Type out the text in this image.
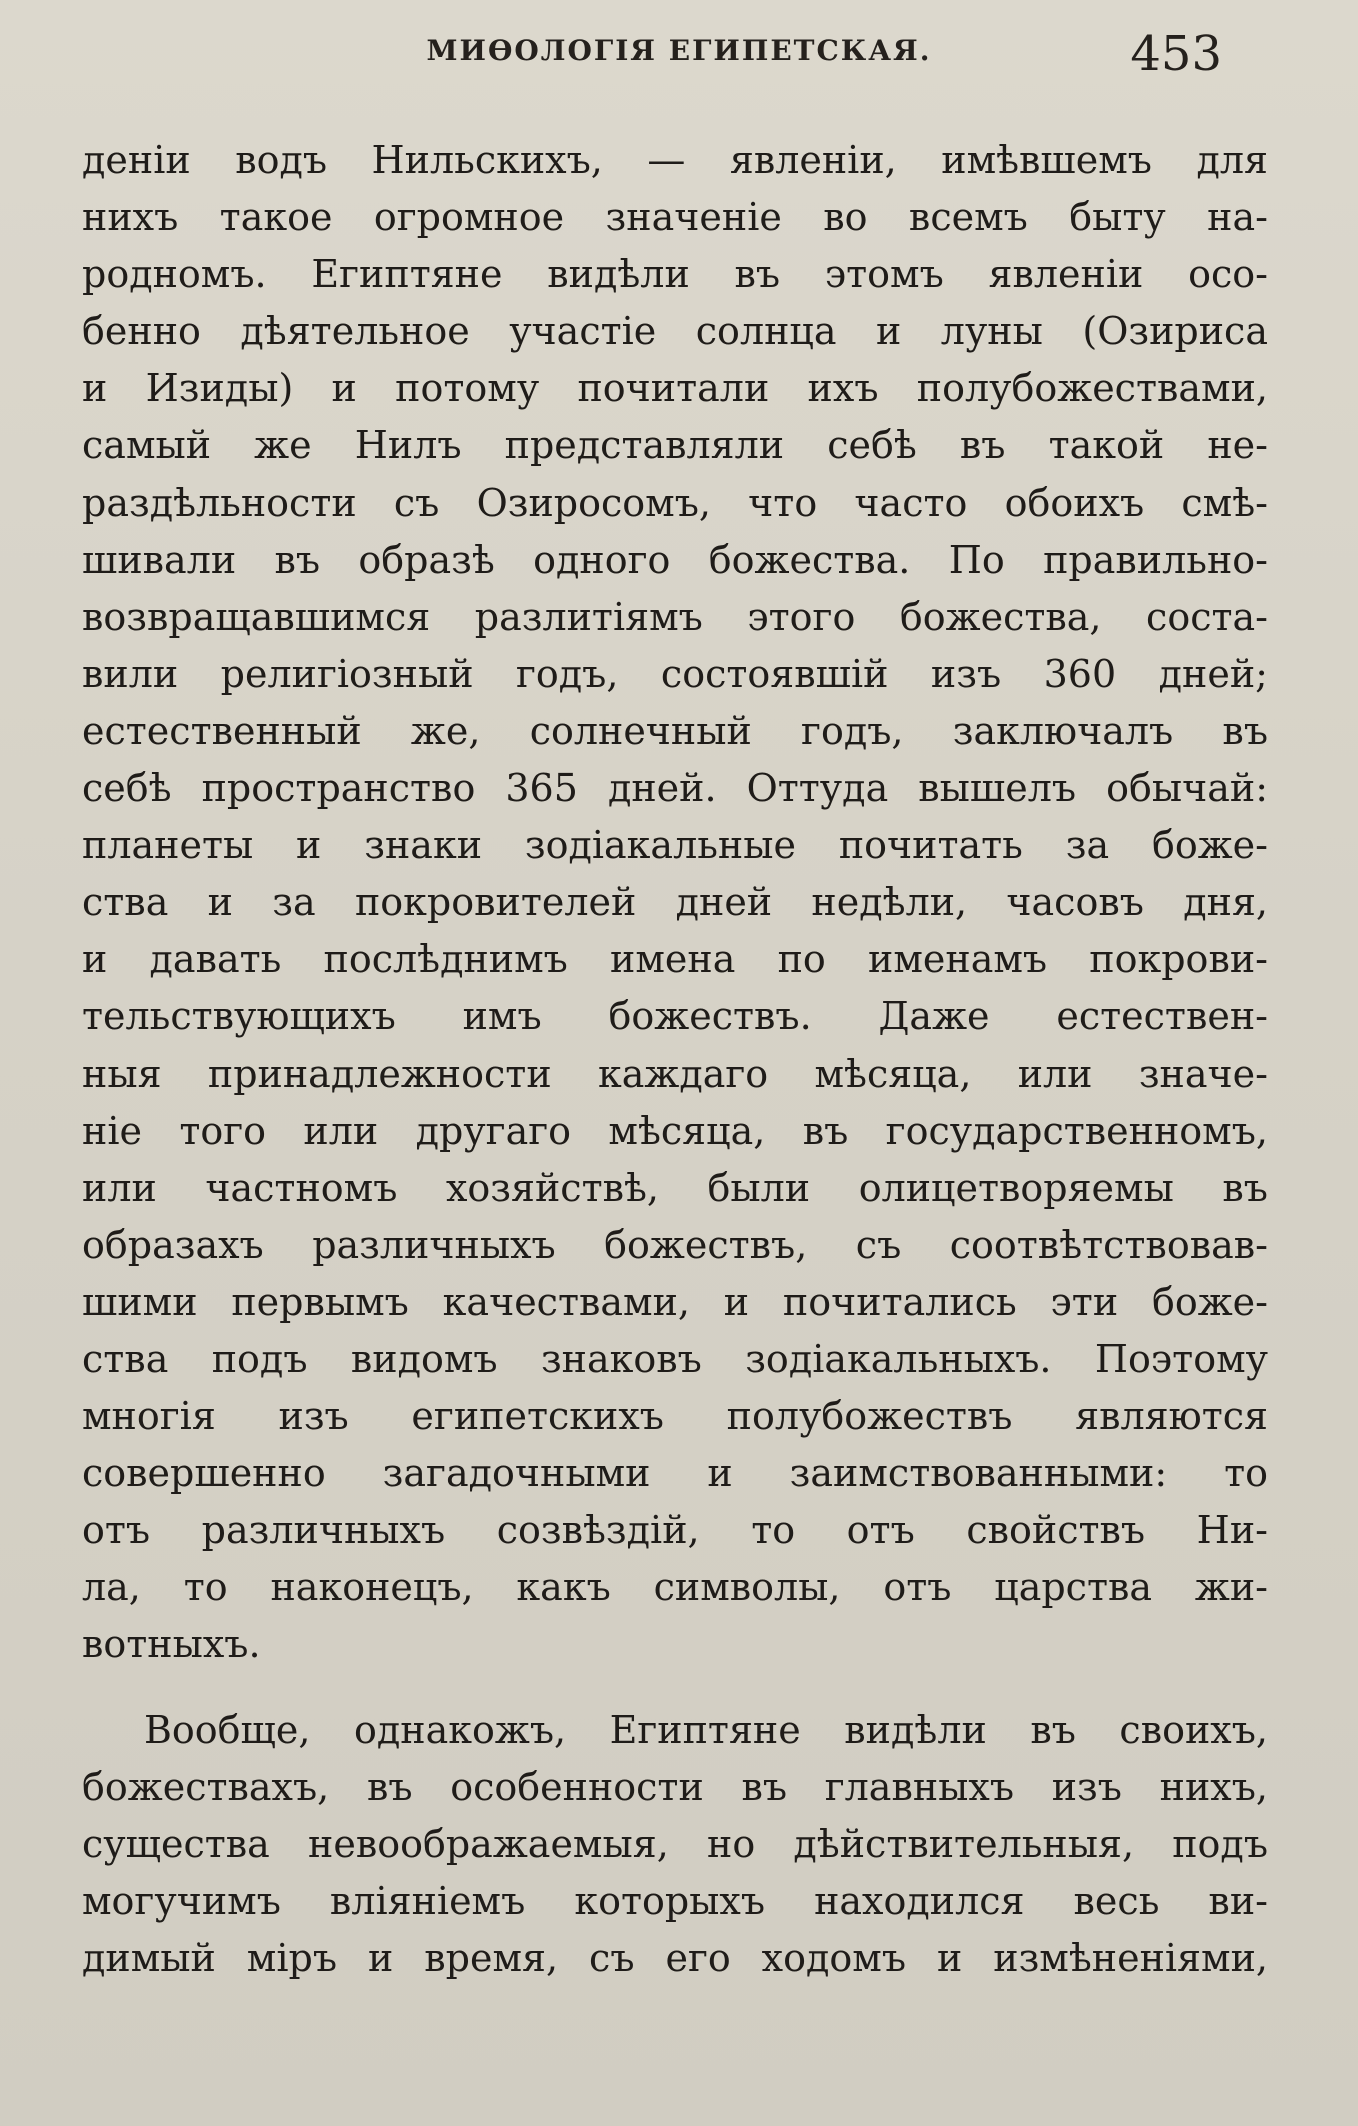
МИѲОЛОГІЯ ЕГИПЕТСКАЯ.	453
деніи водъ Нильскихъ, — явленіи, имѣвшемъ для
нихъ такое огромное значеніе во всемъ быту на-
родномъ. Египтяне видѣли въ этомъ явленіи осо-
бенно дѣятельное участіе солнца и луны (Озириса
и Изиды) и потому почитали ихъ полубожествами,
самый же Нилъ представляли себѣ въ такой не-
раздѣльности съ Озиросомъ, что часто обоихъ смѣ-
шивали въ образѣ одного божества. По правильно-
возвращавшимся разлитіямъ этого божества, соста-
вили религіозный годъ, состоявшій изъ 360 дней;
естественный же, солнечный годъ, заключалъ въ
себѣ пространство 365 дней. Оттуда вышелъ обычай:
планеты и знаки зодіакальные почитать за боже-
ства и за покровителей дней недѣли, часовъ дня,
и давать послѣднимъ имена по именамъ покрови-
тельствующихъ имъ божествъ. Даже естествен-
ныя принадлежности каждаго мѣсяца, или значе-
ніе того или другаго мѣсяца, въ государственномъ,
или частномъ хозяйствѣ, были олицетворяемы въ
образахъ различныхъ божествъ, съ соотвѣтствовав-
шими первымъ качествами, и почитались эти боже-
ства подъ видомъ знаковъ зодіакальныхъ. Поэтому
многія изъ египетскихъ полубожествъ являются
совершенно загадочными и заимствованными: то
отъ различныхъ созвѣздій, то отъ свойствъ Ни-
ла, то наконецъ, какъ символы, отъ царства жи-
вотныхъ.
Вообще, однакожъ, Египтяне видѣли въ своихъ,
божествахъ, въ особенности въ главныхъ изъ нихъ,
существа невоображаемыя, но дѣйствительныя, подъ
могучимъ вліяніемъ которыхъ находился весь ви-
димый міръ и время, съ его ходомъ и измѣненіями,
